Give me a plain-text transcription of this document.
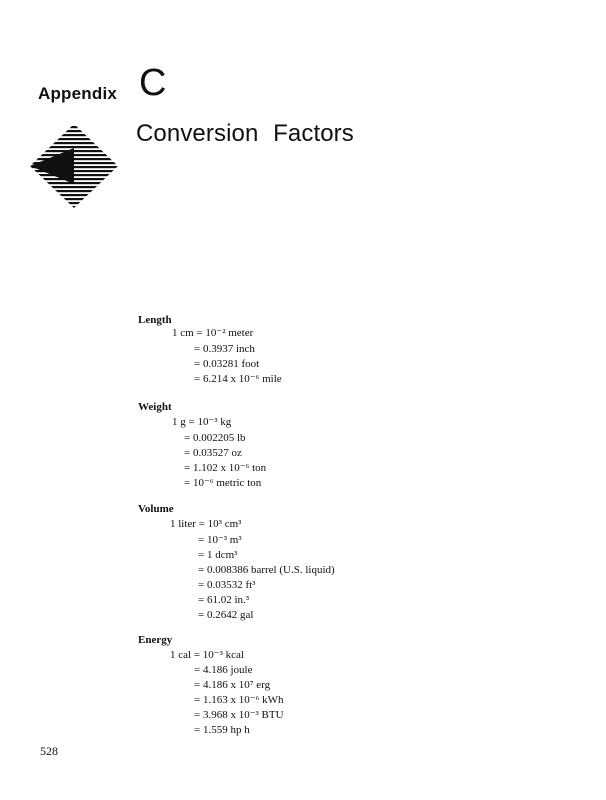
Appendix C
Conversion Factors
Length
1 cm = 10⁻² meter
= 0.3937 inch
= 0.03281 foot
= 6.214 x 10⁻⁶ mile
Weight
1 g = 10⁻³ kg
= 0.002205 lb
= 0.03527 oz
= 1.102 x 10⁻⁶ ton
= 10⁻⁶ metric ton
Volume
1 liter = 10³ cm³
= 10⁻³ m³
= 1 dcm³
= 0.008386 barrel (U.S. liquid)
= 0.03532 ft³
= 61.02 in.³
= 0.2642 gal
Energy
1 cal = 10⁻³ kcal
= 4.186 joule
= 4.186 x 10⁷ erg
= 1.163 x 10⁻⁶ kWh
= 3.968 x 10⁻³ BTU
= 1.559 hp h
528
